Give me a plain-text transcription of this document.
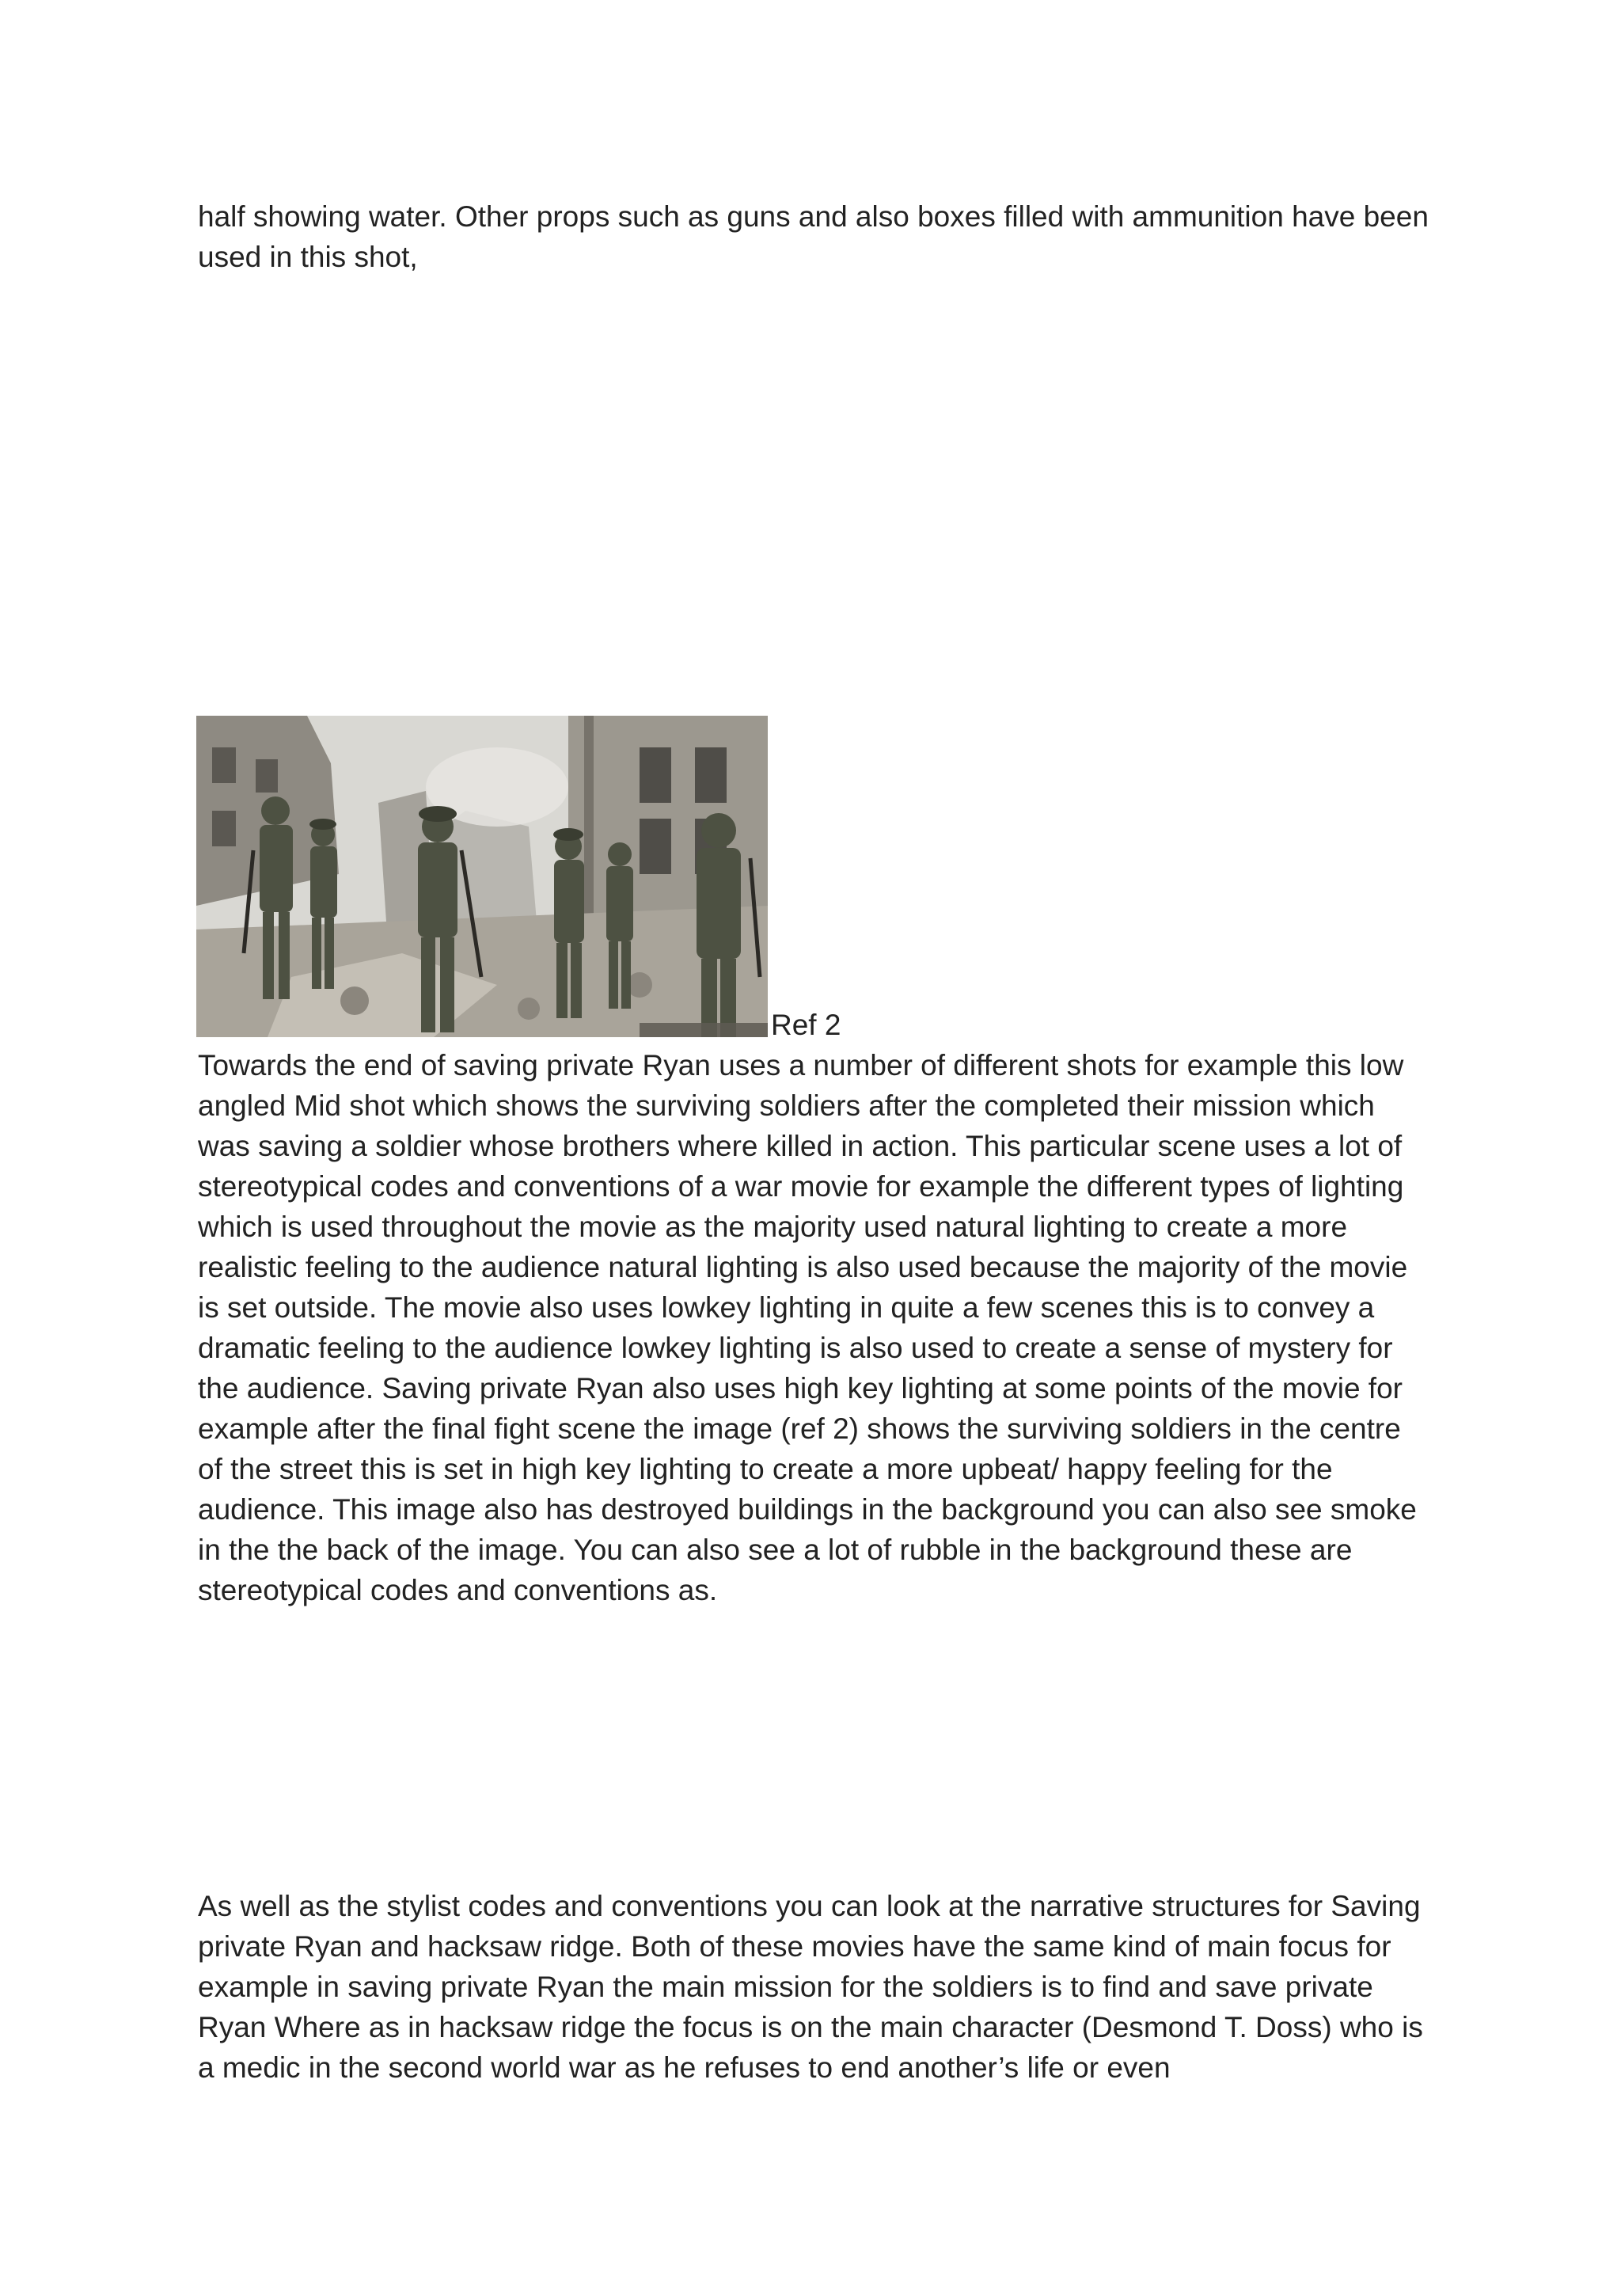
half showing water. Other props such as guns and also boxes filled with ammunition have been used in this shot,

Ref 2

Towards the end of saving private Ryan uses a number of different shots for example this low angled Mid shot which shows the surviving soldiers after the completed their mission which was saving a soldier whose brothers where killed in action. This particular scene uses a lot of stereotypical codes and conventions of a war movie for example the different types of lighting which is used throughout the movie as the majority used natural lighting to create a more realistic feeling to the audience natural lighting is also used because the majority of the movie is set outside. The movie also uses lowkey lighting in quite a few scenes this is to convey a dramatic feeling to the audience lowkey lighting is also used to create a sense of mystery for the audience. Saving private Ryan also uses high key lighting at some points of the movie for example after the final fight scene the image (ref 2) shows the surviving soldiers in the centre of the street this is set in high key lighting to create a more upbeat/ happy feeling for the audience. This image also has destroyed buildings in the background you can also see smoke in the the back of the image. You can also see a lot of rubble in the background these are stereotypical codes and conventions as.

As well as the stylist codes and conventions you can look at the narrative structures for Saving private Ryan and hacksaw ridge. Both of these movies have the same kind of main focus for example in saving private Ryan the main mission for the soldiers is to find and save private Ryan Where as in hacksaw ridge the focus is on the main character (Desmond T. Doss) who is a medic in the second world war as he refuses to end another’s life or even
